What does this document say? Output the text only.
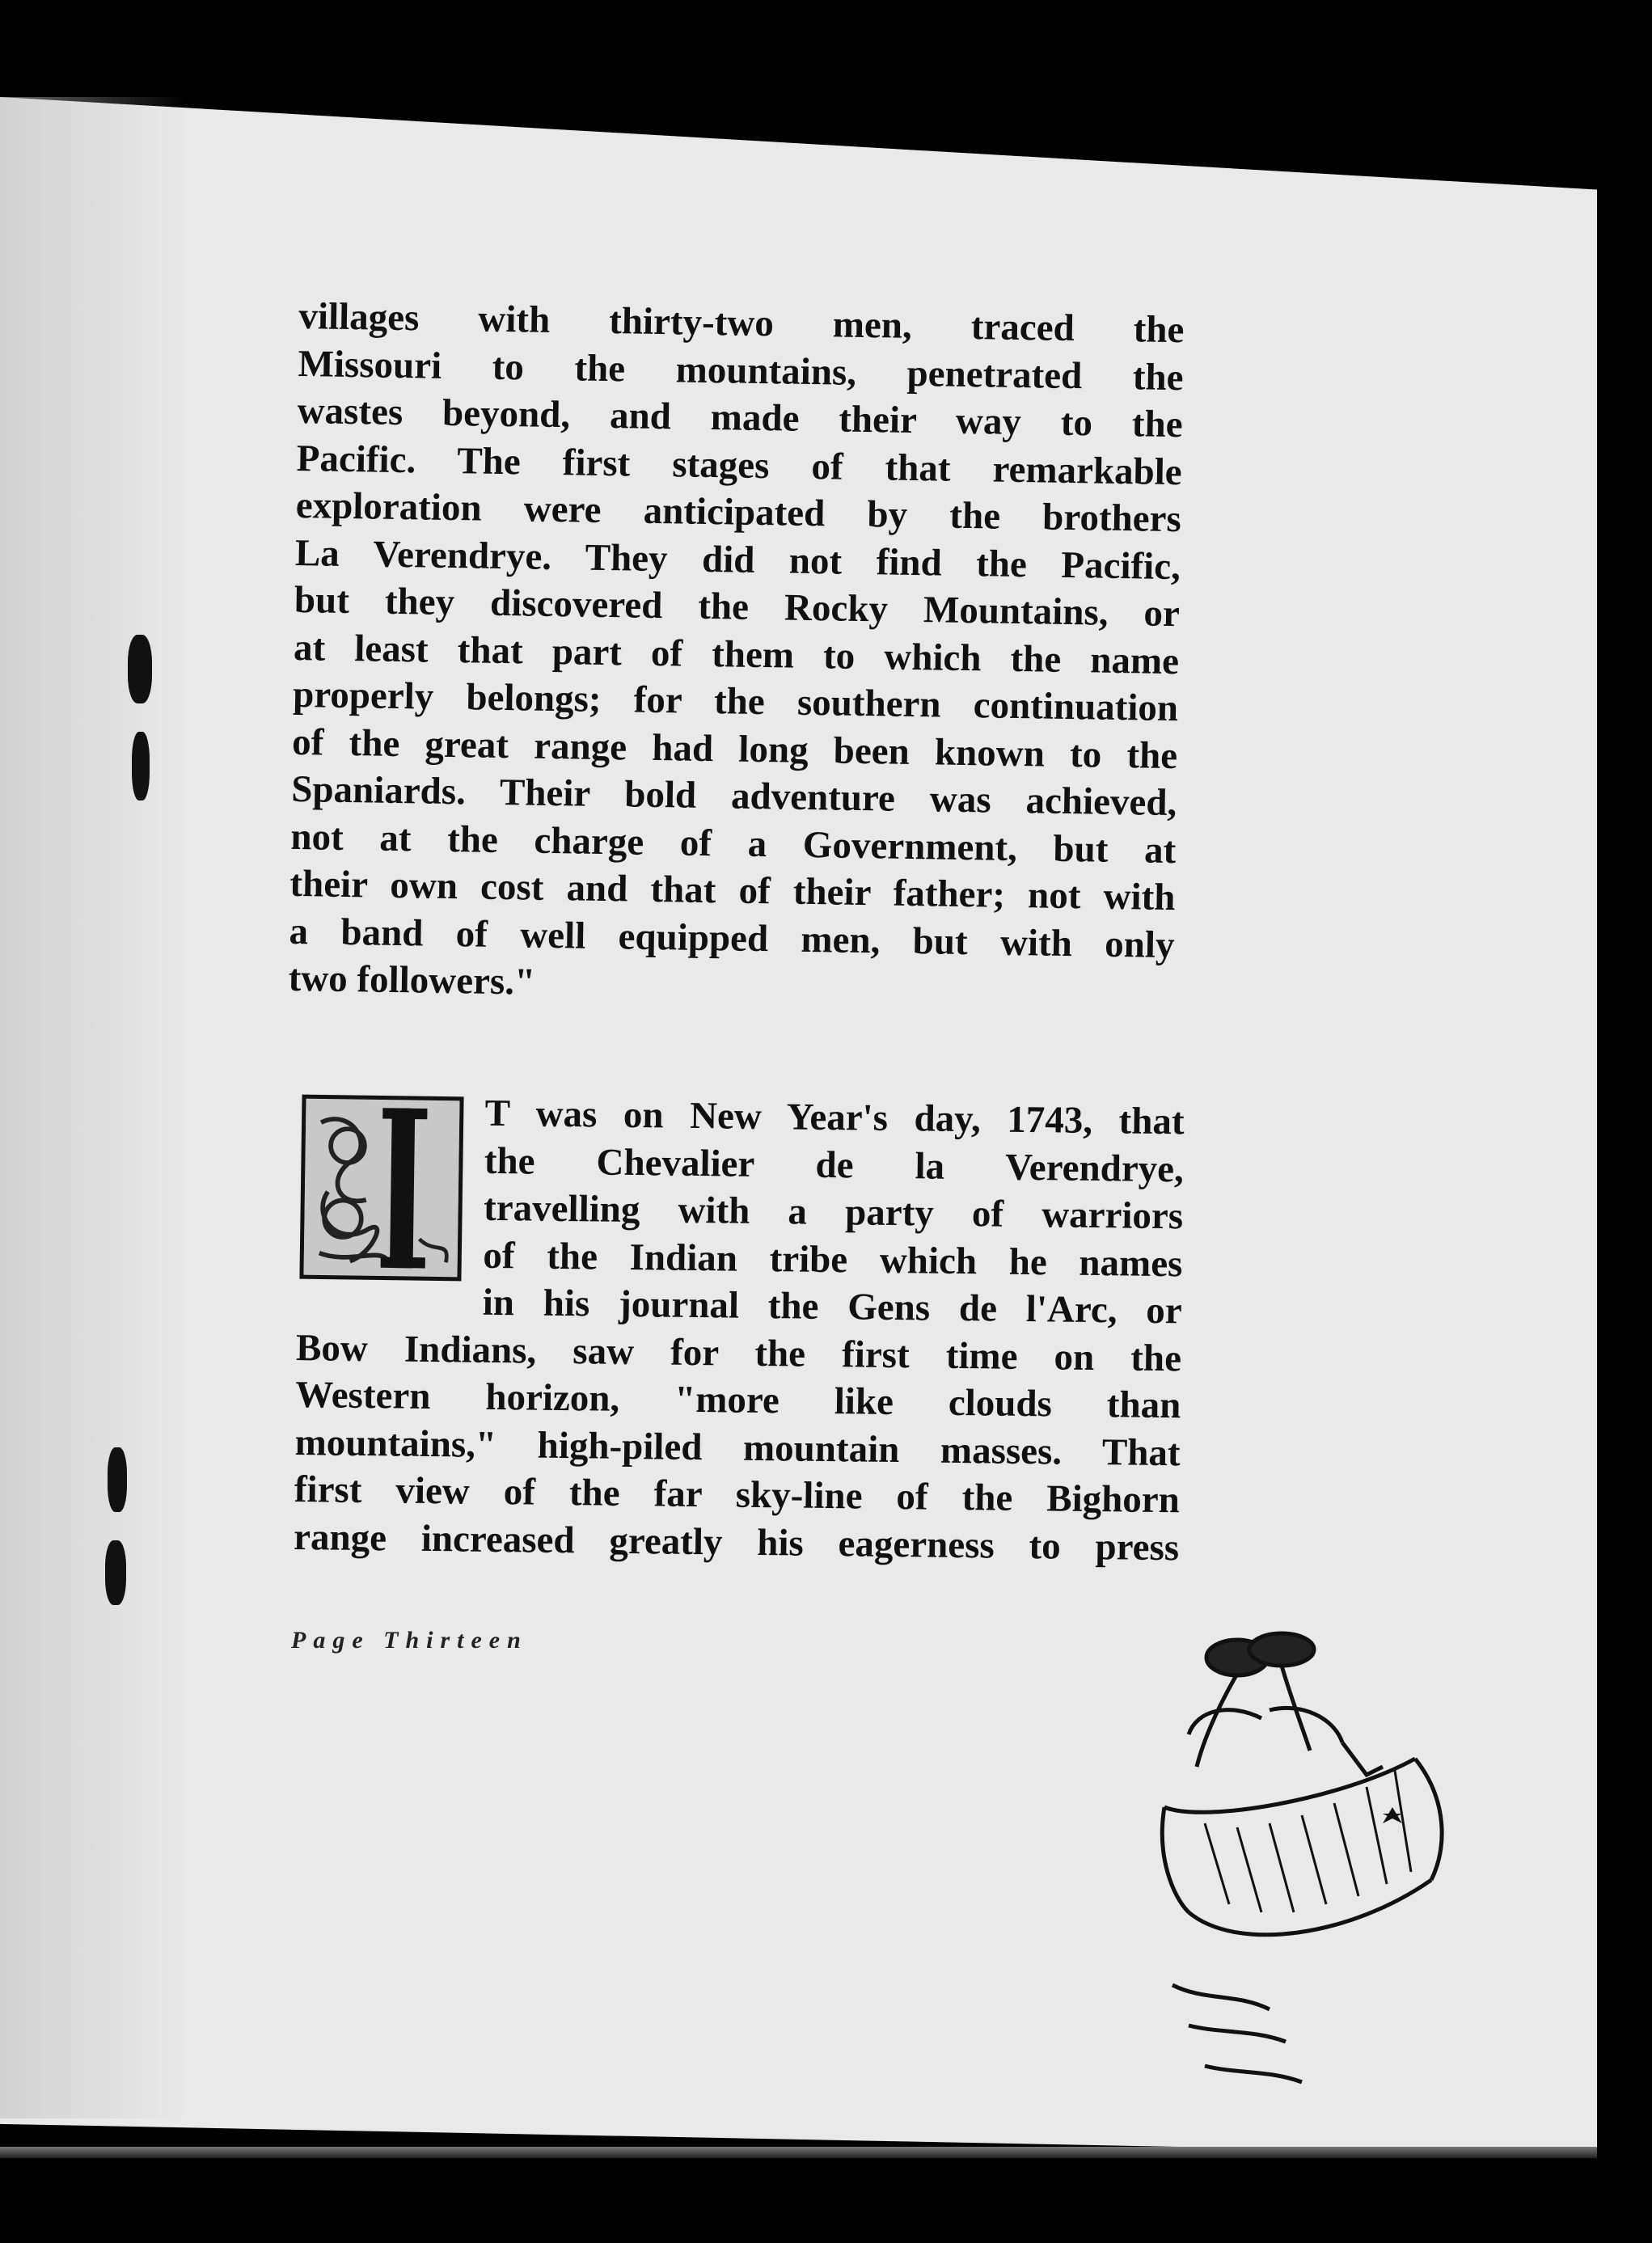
villages with thirty-two men, traced the
Missouri to the mountains, penetrated the
wastes beyond, and made their way to the
Pacific. The first stages of that remarkable
exploration were anticipated by the brothers
La Verendrye. They did not find the Pacific,
but they discovered the Rocky Mountains, or
at least that part of them to which the name
properly belongs; for the southern continuation
of the great range had long been known to the
Spaniards. Their bold adventure was achieved,
not at the charge of a Government, but at
their own cost and that of their father; not with
a band of well equipped men, but with only
two followers."
T was on New Year's day, 1743, that
the Chevalier de la Verendrye,
travelling with a party of warriors
of the Indian tribe which he names
in his journal the Gens de l'Arc, or
Bow Indians, saw for the first time on the
Western horizon, "more like clouds than
mountains," high-piled mountain masses. That
first view of the far sky-line of the Bighorn
range increased greatly his eagerness to press
Page Thirteen
